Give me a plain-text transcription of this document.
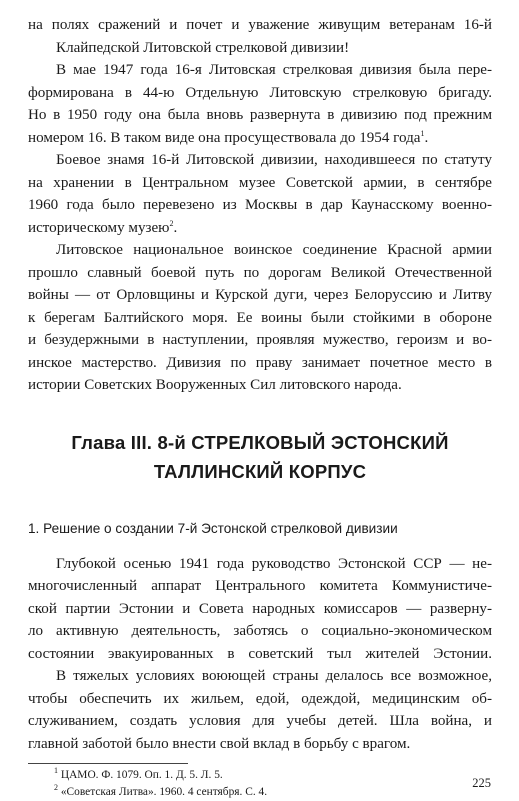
на полях сражений и почет и уважение живущим ветеранам 16-й
Клайпедской Литовской стрелковой дивизии!

В мае 1947 года 16-я Литовская стрелковая дивизия была пере-
формирована в 44-ю Отдельную Литовскую стрелковую бригаду.
Но в 1950 году она была вновь развернута в дивизию под прежним
номером 16. В таком виде она просуществовала до 1954 года$^1$.

Боевое знамя 16-й Литовской дивизии, находившееся по статуту
на хранении в Центральном музее Советской армии, в сентябре
1960 года было перевезено из Москвы в дар Каунасскому военно-
историческому музею$^2$.

Литовское национальное воинское соединение Красной армии
прошло славный боевой путь по дорогам Великой Отечественной
войны — от Орловщины и Курской дуги, через Белоруссию и Литву
к берегам Балтийского моря. Ее воины были стойкими в обороне
и безудержными в наступлении, проявляя мужество, героизм и во-
инское мастерство. Дивизия по праву занимает почетное место в
истории Советских Вооруженных Сил литовского народа.

Глава III. 8-й СТРЕЛКОВЫЙ ЭСТОНСКИЙ
ТАЛЛИНСКИЙ КОРПУС
1. Решение о создании 7-й Эстонской стрелковой дивизии

Глубокой осенью 1941 года руководство Эстонской ССР — не-
многочисленный аппарат Центрального комитета Коммунистиче-
ской партии Эстонии и Совета народных комиссаров — разверну-
ло активную деятельность, заботясь о социально-экономическом
состоянии эвакуированных в советский тыл жителей Эстонии.
В тяжелых условиях воюющей страны делалось все возможное,
чтобы обеспечить их жильем, едой, одеждой, медицинским об-
служиванием, создать условия для учебы детей. Шла война, и
главной заботой было внести свой вклад в борьбу с врагом.

$^1$ ЦАМО. Ф. 1079. Оп. 1. Д. 5. Л. 5.

$^2$ «Советская Литва». 1960. 4 сентября. С. 4.

225
